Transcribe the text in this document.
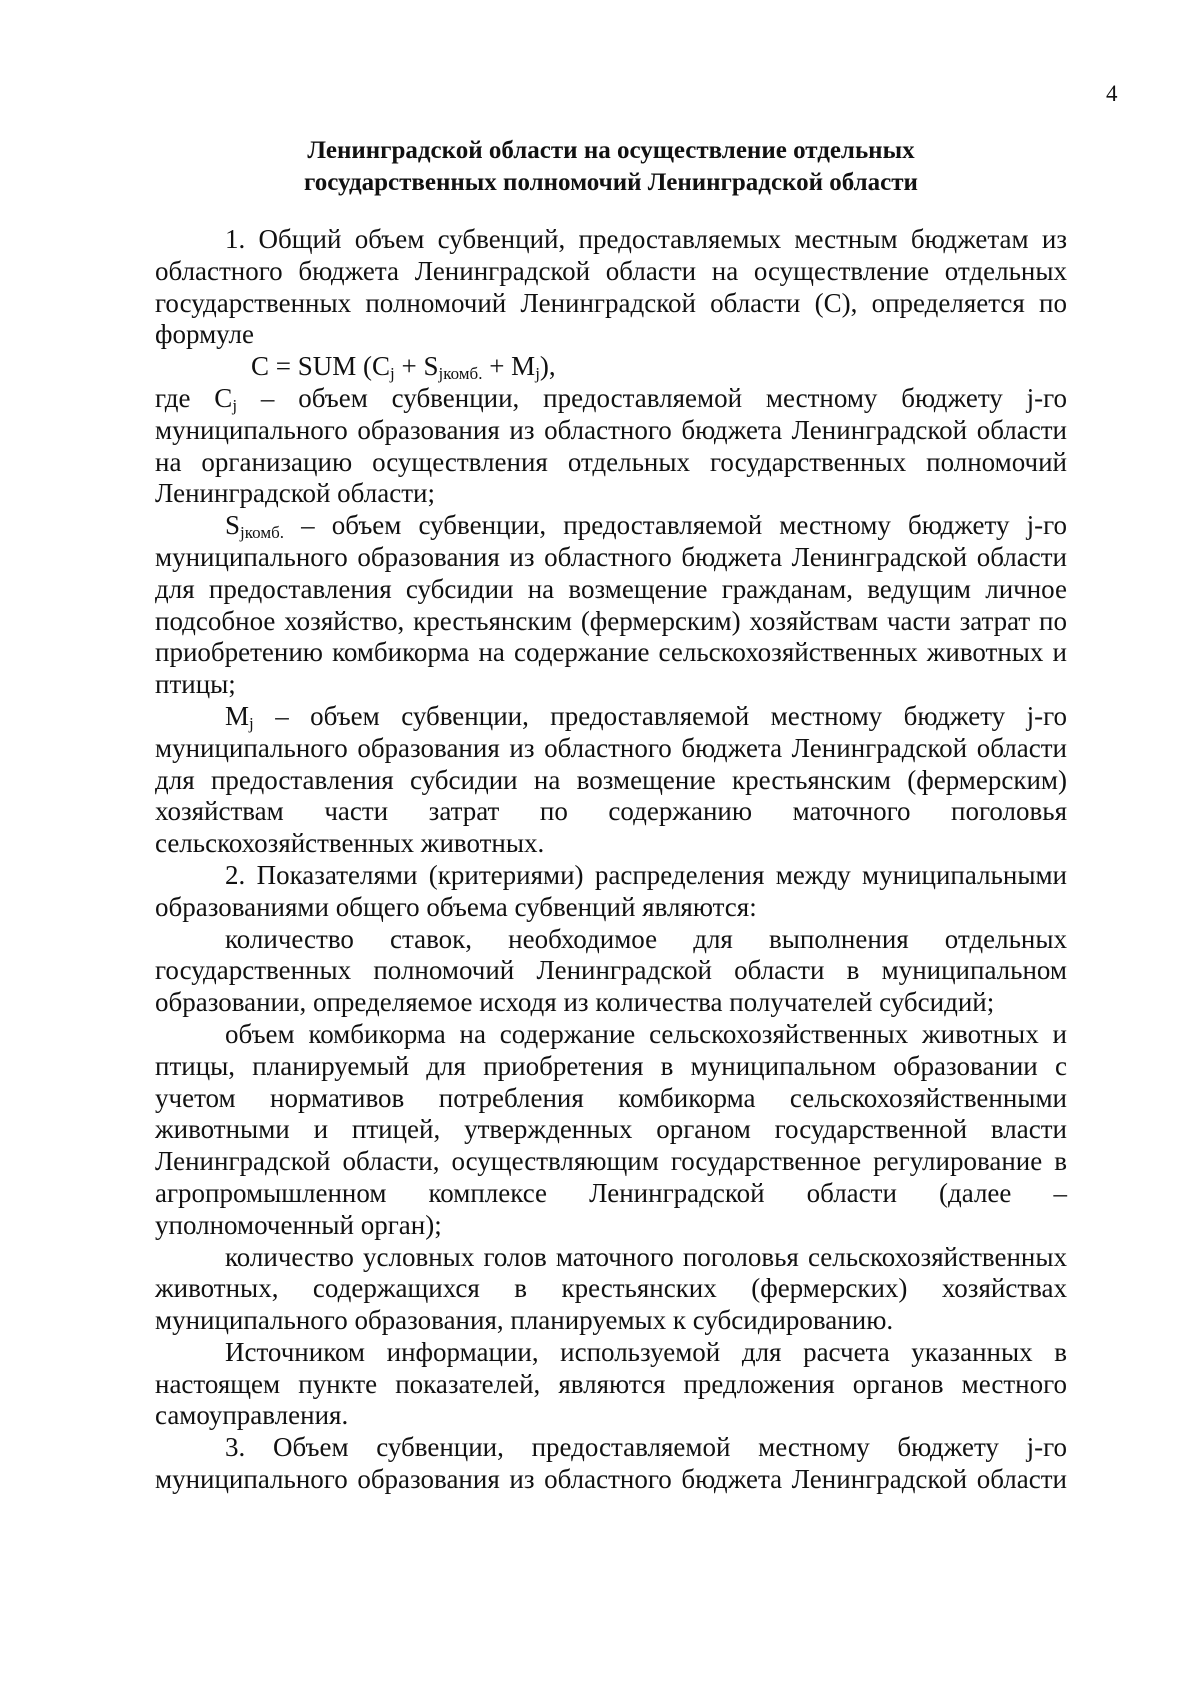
4
Ленинградской области на осуществление отдельных
государственных полномочий Ленинградской области

1. Общий объем субвенций, предоставляемых местным бюджетам из областного бюджета Ленинградской области на осуществление отдельных государственных полномочий Ленинградской области (С), определяется по формуле

С = SUM $(C_j + S_{jкомб.} + M_j)$,

где $C_j$ – объем субвенции, предоставляемой местному бюджету j-го муниципального образования из областного бюджета Ленинградской области на организацию осуществления отдельных государственных полномочий Ленинградской области;

$S_{jкомб.}$ – объем субвенции, предоставляемой местному бюджету j-го муниципального образования из областного бюджета Ленинградской области для предоставления субсидии на возмещение гражданам, ведущим личное подсобное хозяйство, крестьянским (фермерским) хозяйствам части затрат по приобретению комбикорма на содержание сельскохозяйственных животных и птицы;

$M_j$ – объем субвенции, предоставляемой местному бюджету j-го муниципального образования из областного бюджета Ленинградской области для предоставления субсидии на возмещение крестьянским (фермерским) хозяйствам части затрат по содержанию маточного поголовья сельскохозяйственных животных.

2. Показателями (критериями) распределения между муниципальными образованиями общего объема субвенций являются:

количество ставок, необходимое для выполнения отдельных государственных полномочий Ленинградской области в муниципальном образовании, определяемое исходя из количества получателей субсидий;

объем комбикорма на содержание сельскохозяйственных животных и птицы, планируемый для приобретения в муниципальном образовании с учетом нормативов потребления комбикорма сельскохозяйственными животными и птицей, утвержденных органом государственной власти Ленинградской области, осуществляющим государственное регулирование в агропромышленном комплексе Ленинградской области (далее – уполномоченный орган);

количество условных голов маточного поголовья сельскохозяйственных животных, содержащихся в крестьянских (фермерских) хозяйствах муниципального образования, планируемых к субсидированию.

Источником информации, используемой для расчета указанных в настоящем пункте показателей, являются предложения органов местного самоуправления.

3. Объем субвенции, предоставляемой местному бюджету j-го муниципального образования из областного бюджета Ленинградской области
